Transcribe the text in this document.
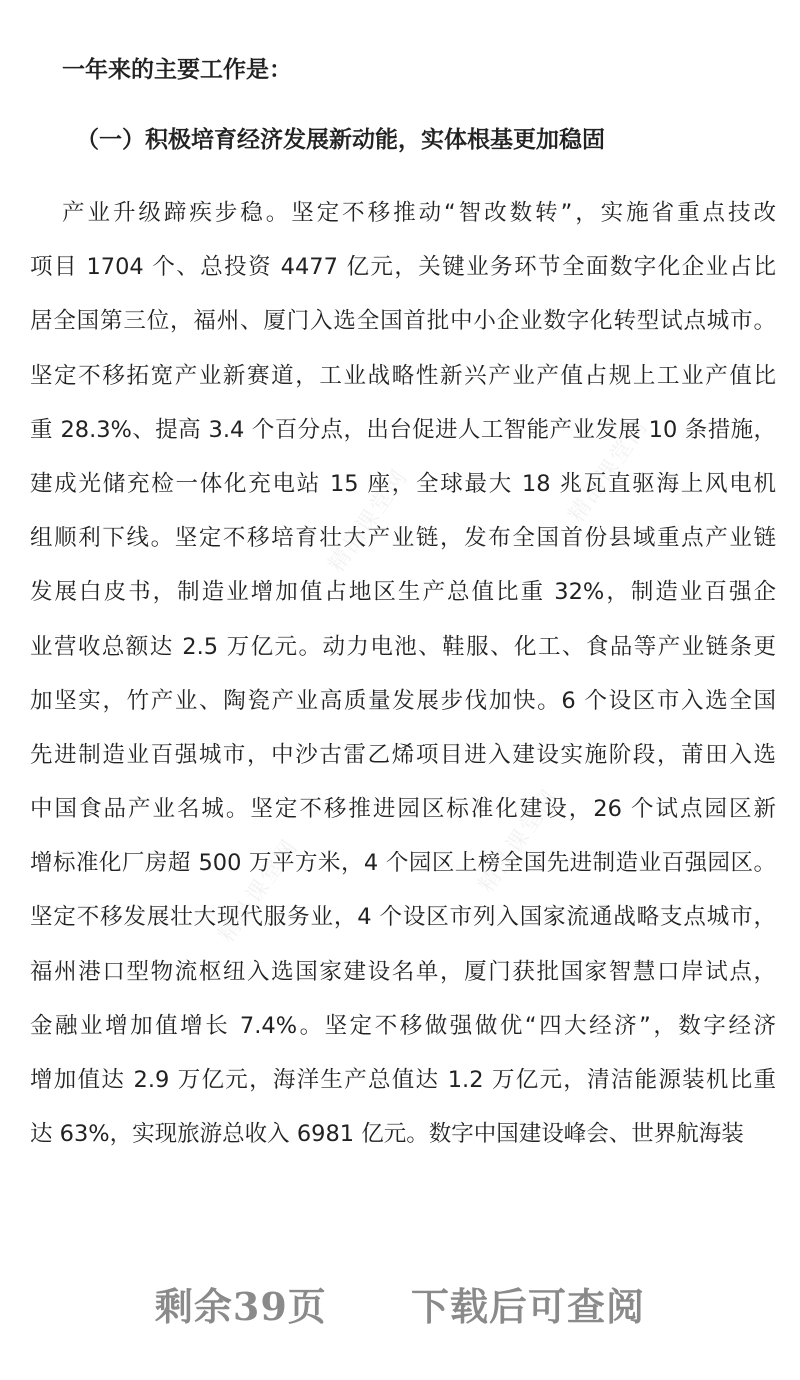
一年来的主要工作是：
（一）积极培育经济发展新动能，实体根基更加稳固
产业升级蹄疾步稳。坚定不移推动“智改数转”，实施省重点技改
项目 1704 个、总投资 4477 亿元，关键业务环节全面数字化企业占比
居全国第三位，福州、厦门入选全国首批中小企业数字化转型试点城市。
坚定不移拓宽产业新赛道，工业战略性新兴产业产值占规上工业产值比
重 28.3%、提高 3.4 个百分点，出台促进人工智能产业发展 10 条措施，
建成光储充检一体化充电站 15 座，全球最大 18 兆瓦直驱海上风电机
组顺利下线。坚定不移培育壮大产业链，发布全国首份县域重点产业链
发展白皮书，制造业增加值占地区生产总值比重 32%，制造业百强企
业营收总额达 2.5 万亿元。动力电池、鞋服、化工、食品等产业链条更
加坚实，竹产业、陶瓷产业高质量发展步伐加快。6 个设区市入选全国
先进制造业百强城市，中沙古雷乙烯项目进入建设实施阶段，莆田入选
中国食品产业名城。坚定不移推进园区标准化建设，26 个试点园区新
增标准化厂房超 500 万平方米，4 个园区上榜全国先进制造业百强园区。
坚定不移发展壮大现代服务业，4 个设区市列入国家流通战略支点城市，
福州港口型物流枢纽入选国家建设名单，厦门获批国家智慧口岸试点，
金融业增加值增长 7.4%。坚定不移做强做优“四大经济”，数字经济
增加值达 2.9 万亿元，海洋生产总值达 1.2 万亿元，清洁能源装机比重
达 63%，实现旅游总收入 6981 亿元。数字中国建设峰会、世界航海装
精品课堂网	精品课堂网
精品课堂网
精品课堂网
剩余39页 下载后可查阅
